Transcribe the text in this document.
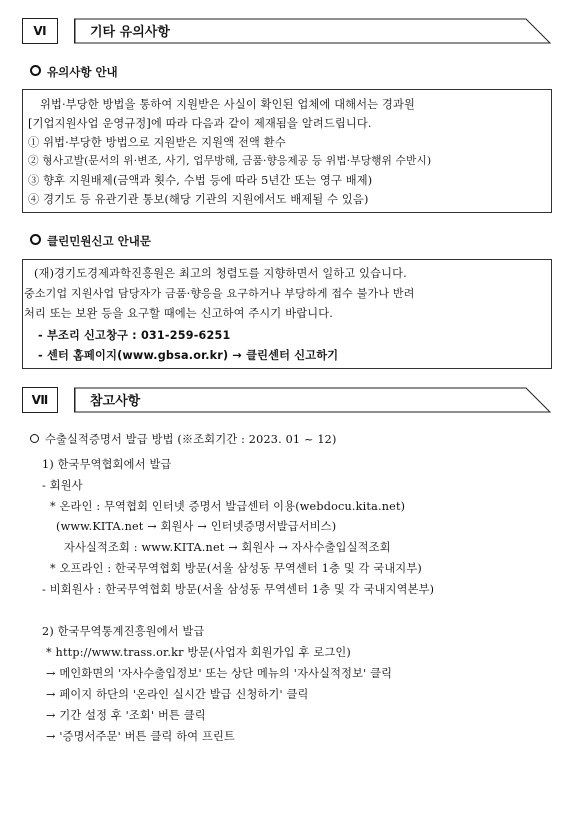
Ⅵ	기타 유의사항
유의사항 안내
위법·부당한 방법을 통하여 지원받은 사실이 확인된 업체에 대해서는 경과원
[기업지원사업 운영규정]에 따라 다음과 같이 제재됨을 알려드립니다.
① 위법·부당한 방법으로 지원받은 지원액 전액 환수
② 형사고발(문서의 위·변조, 사기, 업무방해, 금품·향응제공 등 위법·부당행위 수반시)
③ 향후 지원배제(금액과 횟수, 수법 등에 따라 5년간 또는 영구 배제)
④ 경기도 등 유관기관 통보(해당 기관의 지원에서도 배제될 수 있음)
클린민원신고 안내문
(재)경기도경제과학진흥원은 최고의 청렴도를 지향하면서 일하고 있습니다.
중소기업 지원사업 담당자가 금품·향응을 요구하거나 부당하게 접수 불가나 반려
처리 또는 보완 등을 요구할 때에는 신고하여 주시기 바랍니다.
- 부조리 신고창구 : 031-259-6251
- 센터 홈페이지(www.gbsa.or.kr) → 클린센터 신고하기
Ⅶ	참고사항
수출실적증명서 발급 방법 (※조회기간 : 2023. 01 ~ 12)
1) 한국무역협회에서 발급
- 회원사
* 온라인 : 무역협회 인터넷 증명서 발급센터 이용(webdocu.kita.net)
(www.KITA.net → 회원사 → 인터넷증명서발급서비스)
자사실적조회 : www.KITA.net → 회원사 → 자사수출입실적조회
* 오프라인 : 한국무역협회 방문(서울 삼성동 무역센터 1층 및 각 국내지부)
- 비회원사 : 한국무역협회 방문(서울 삼성동 무역센터 1층 및 각 국내지역본부)
2) 한국무역통계진흥원에서 발급
* http://www.trass.or.kr 방문(사업자 회원가입 후 로그인)
→ 메인화면의 '자사수출입정보' 또는 상단 메뉴의 '자사실적정보' 클릭
→ 페이지 하단의 '온라인 실시간 발급 신청하기' 클릭
→ 기간 설정 후 '조회' 버튼 클릭
→ '증명서주문' 버튼 클릭 하여 프린트
